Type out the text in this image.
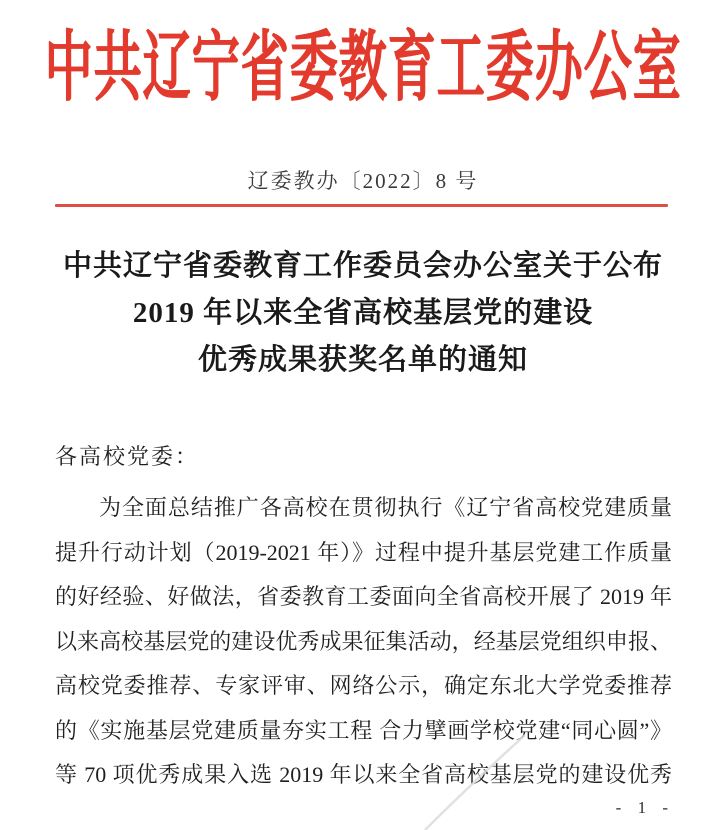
中共辽宁省委教育工委办公室
辽委教办〔2022〕8 号
中共辽宁省委教育工作委员会办公室关于公布
2019 年以来全省高校基层党的建设
优秀成果获奖名单的通知
各高校党委：
为全面总结推广各高校在贯彻执行《辽宁省高校党建质量
提升行动计划（2019-2021 年）》过程中提升基层党建工作质量
的好经验、好做法，省委教育工委面向全省高校开展了 2019 年
以来高校基层党的建设优秀成果征集活动，经基层党组织申报、
高校党委推荐、专家评审、网络公示，确定东北大学党委推荐
的《实施基层党建质量夯实工程 合力擘画学校党建“同心圆”》
等 70 项优秀成果入选 2019 年以来全省高校基层党的建设优秀
- 1 -
